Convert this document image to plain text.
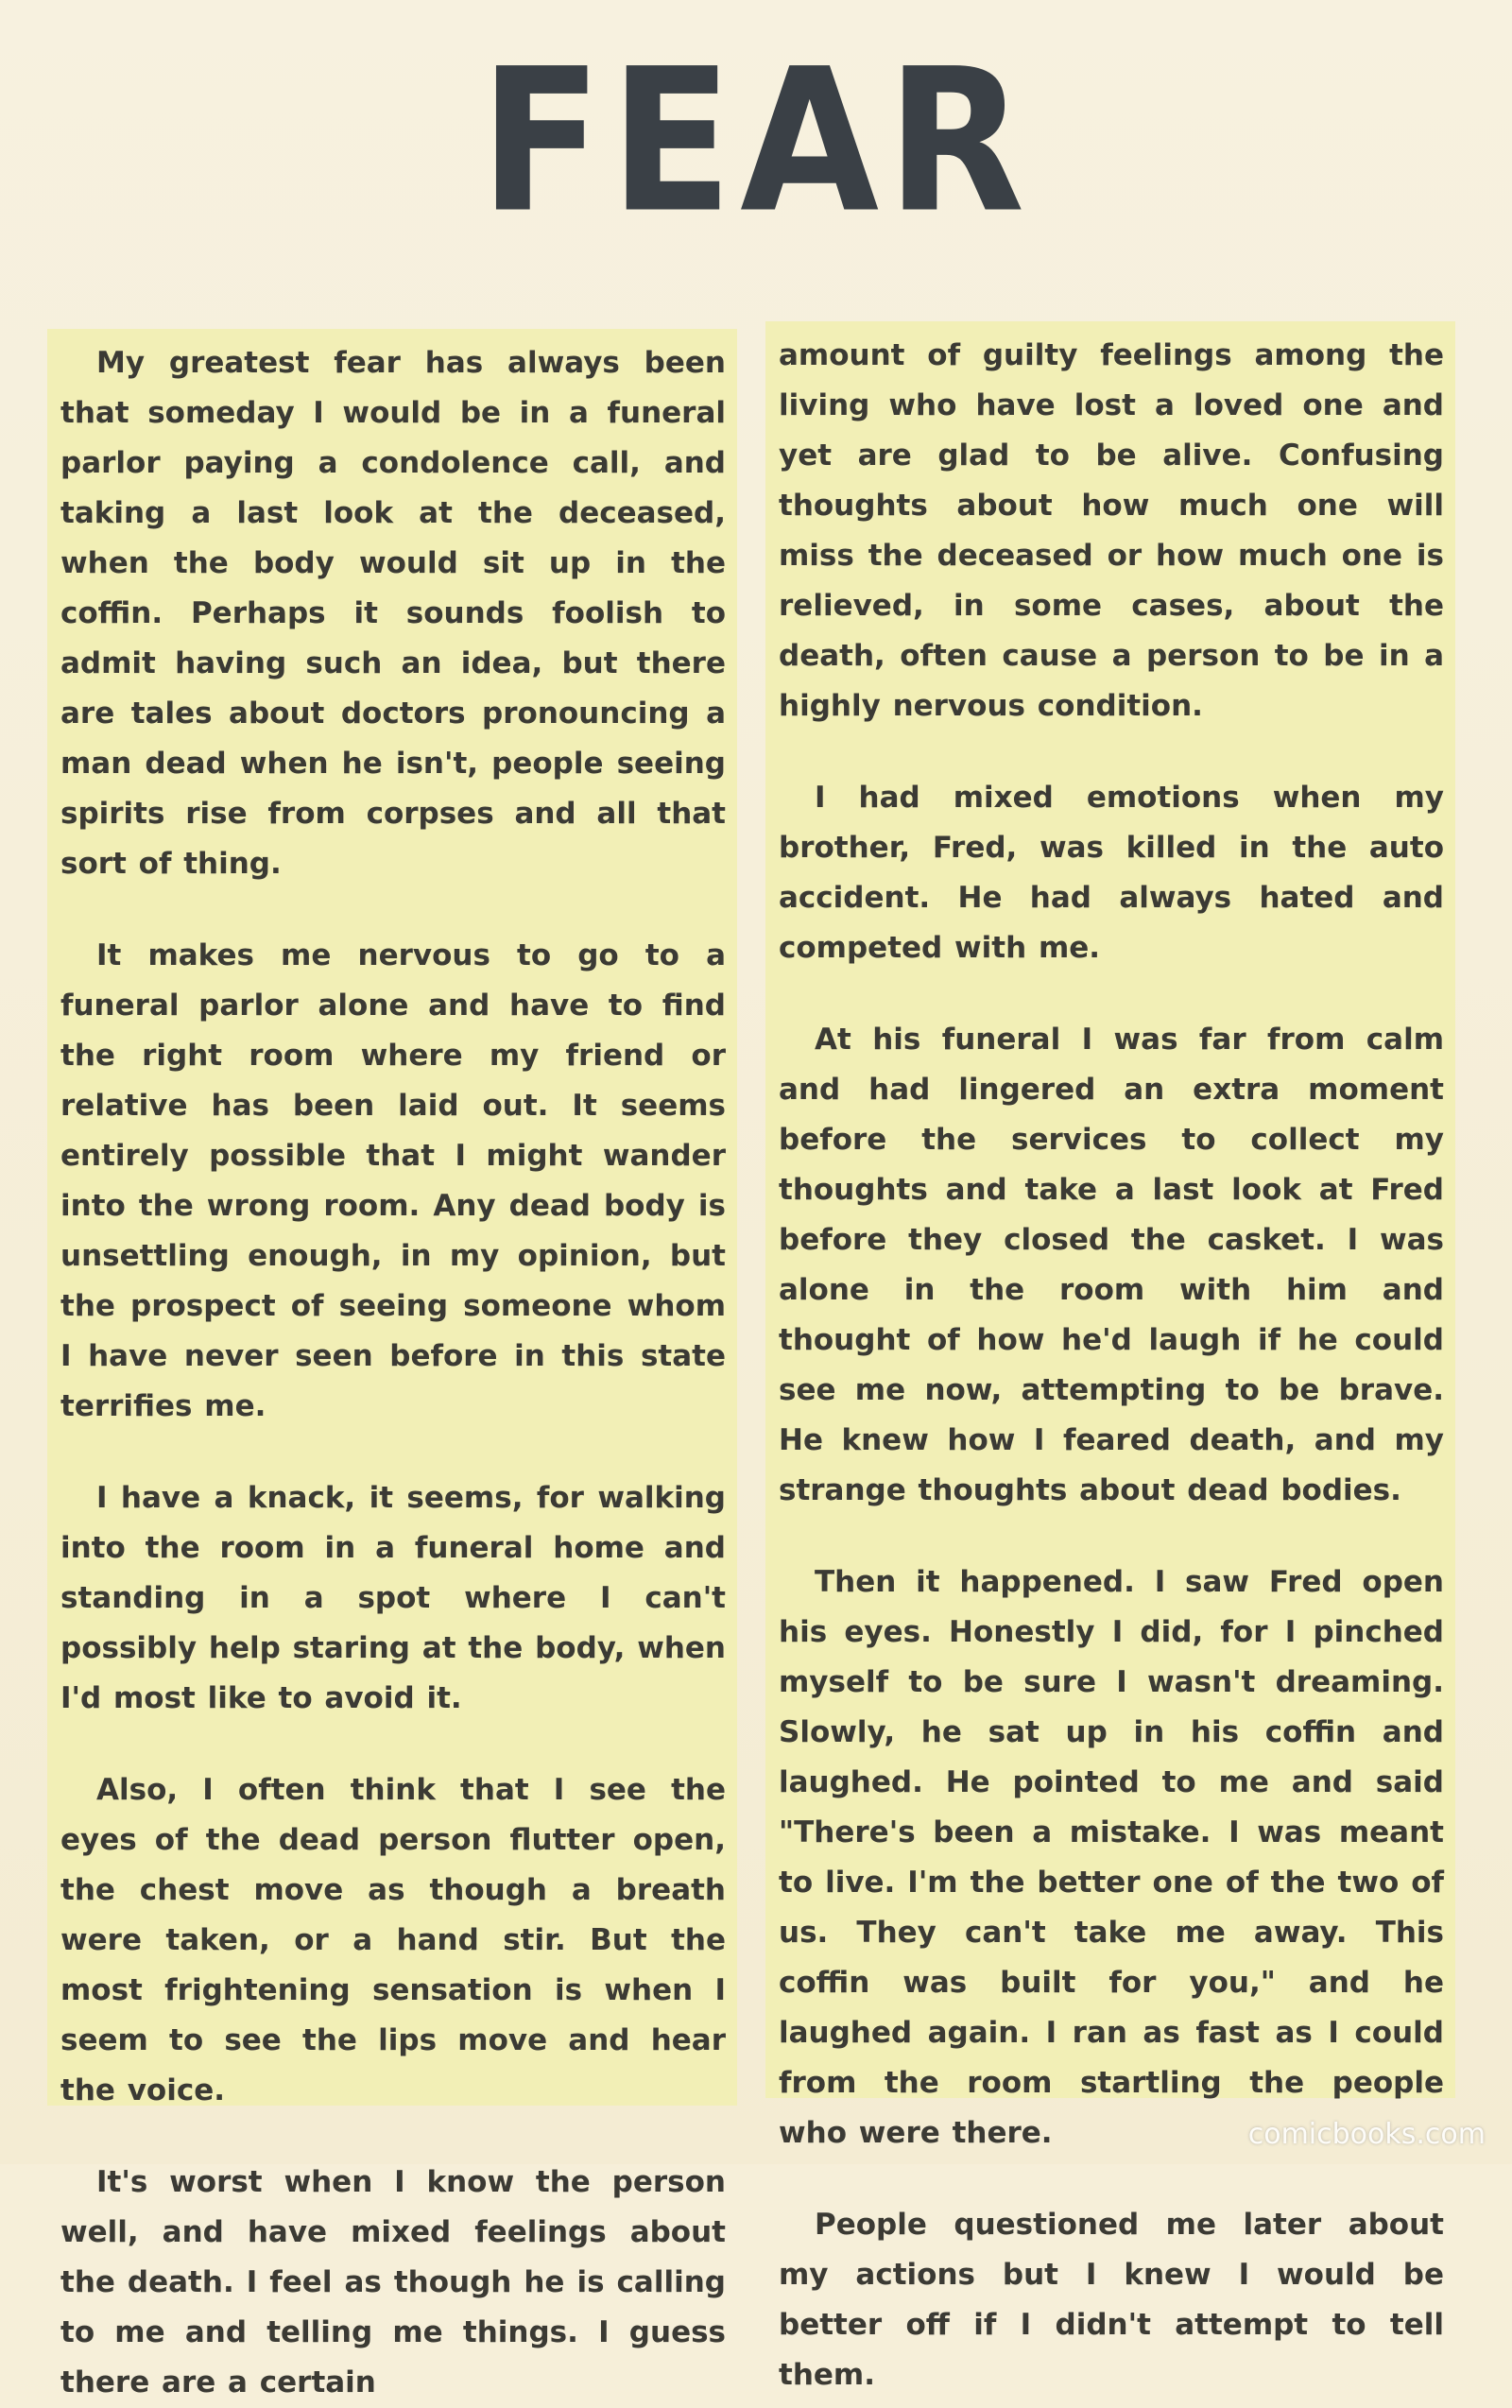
FEAR

My greatest fear has always been that someday I would be in a funeral parlor paying a condolence call, and taking a last look at the deceased, when the body would sit up in the coffin. Perhaps it sounds foolish to admit having such an idea, but there are tales about doctors pronouncing a man dead when he isn't, people seeing spirits rise from corpses and all that sort of thing.

It makes me nervous to go to a funeral parlor alone and have to find the right room where my friend or relative has been laid out. It seems entirely possible that I might wander into the wrong room. Any dead body is unsettling enough, in my opinion, but the prospect of seeing someone whom I have never seen before in this state terrifies me.

I have a knack, it seems, for walking into the room in a funeral home and standing in a spot where I can't possibly help staring at the body, when I'd most like to avoid it.

Also, I often think that I see the eyes of the dead person flutter open, the chest move as though a breath were taken, or a hand stir. But the most frightening sensation is when I seem to see the lips move and hear the voice.

It's worst when I know the person well, and have mixed feelings about the death. I feel as though he is calling to me and telling me things. I guess there are a certain

amount of guilty feelings among the living who have lost a loved one and yet are glad to be alive. Confusing thoughts about how much one will miss the deceased or how much one is relieved, in some cases, about the death, often cause a person to be in a highly nervous condition.

I had mixed emotions when my brother, Fred, was killed in the auto accident. He had always hated and competed with me.

At his funeral I was far from calm and had lingered an extra moment before the services to collect my thoughts and take a last look at Fred before they closed the casket. I was alone in the room with him and thought of how he'd laugh if he could see me now, attempting to be brave. He knew how I feared death, and my strange thoughts about dead bodies.

Then it happened. I saw Fred open his eyes. Honestly I did, for I pinched myself to be sure I wasn't dreaming. Slowly, he sat up in his coffin and laughed. He pointed to me and said "There's been a mistake. I was meant to live. I'm the better one of the two of us. They can't take me away. This coffin was built for you," and he laughed again. I ran as fast as I could from the room startling the people who were there.

People questioned me later about my actions but I knew I would be better off if I didn't attempt to tell them.

comicbooks.com
